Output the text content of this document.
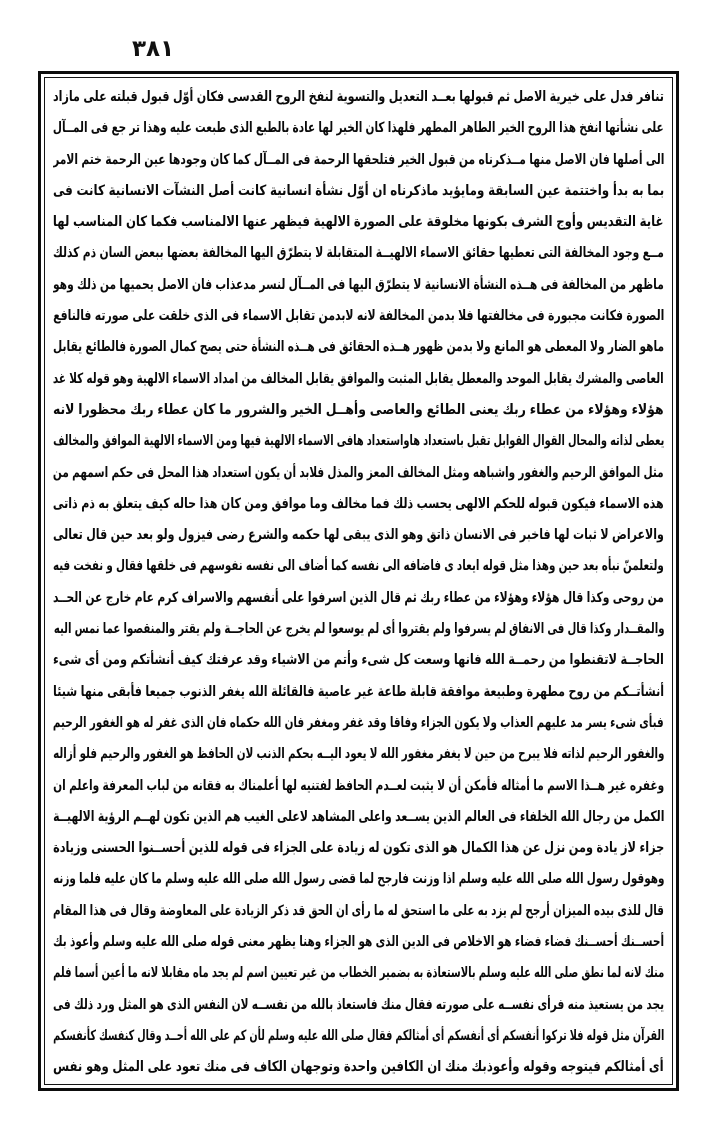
١٨٣
تنافر فدل على خيرية الاصل ثم قبولها بعــد التعديل والتسوية لنفخ الروح القدسى فكان أوّل قبول قبلته على مازاد
على نشأتها انفخ هذا الروح الخير الطاهر المطهر فلهذا كان الخير لها عادة بالطبع الذى طبعت عليه وهذا تر جع فى المــآل
الى أصلها فان الاصل منها مــذكرناه من قبول الخير فتلحقها الرحمة فى المــآل كما كان وجودها عين الرحمة ختم الامر
بما به بدأ واختتمة عين السابقة ومايؤيد ماذكرناه ان أوّل نشأة انسانية كانت أصل النشآت الانسانية كانت فى
غاية التقديس وأوج الشرف بكونها مخلوقة على الصورة الالهية فيظهر عنها الالمناسب فكما كان المناسب لها
مــع وجود المخالفة التى تعطيها حقائق الاسماء الالهيــة المتقابلة لا يتطرّق اليها المخالفة بعضها ببعض السان ذم كذلك
ماظهر من المخالفة فى هــذه النشأة الانسانية لا يتطرّق اليها فى المــآل لنسر مدعذاب فان الاصل يحميها من ذلك وهو
الصورة فكانت مجبورة فى مخالفتها فلا بدمن المخالفة لانه لابدمن تقابل الاسماء فى الذى خلقت على صورته فالنافع
ماهو الضار ولا المعطى هو المانع ولا بدمن ظهور هــذه الحقائق فى هــذه النشأة حتى يصح كمال الصورة فالطائع يقابل
العاصى والمشرك يقابل الموحد والمعطل يقابل المثبت والموافق يقابل المخالف من امداد الاسماء الالهية وهو قوله كلا غد
هؤلاء وهؤلاء من عطاء ربك يعنى الطائع والعاصى وأهــل الخير والشرور ما كان عطاء ربك محظورا لانه
يعطى لذاته والمحال القوال القوابل تقبل باستعداد هاواستعداد هافى الاسماء الالهية فيها ومن الاسماء الالهية الموافق والمخالف
مثل الموافق الرحيم والغفور واشباهه ومثل المخالف المعز والمذل فلابد أن يكون استعداد هذا المحل فى حكم اسمهم من
هذه الاسماء فيكون قبوله للحكم الالهى يحسب ذلك فما مخالف وما موافق ومن كان هذا حاله كيف يتعلق به ذم ذاتى
والاعراض لا ثبات لها فاخبر فى الانسان ذاتق وهو الذى يبقى لها حكمه والشرع رضى فيزول ولو بعد حين قال تعالى
ولتعلمنّ نبأه بعد حين وهذا مثل قوله ايعاد ى فاضافه الى نفسه كما أضاف الى نفسه نفوسهم فى خلقها فقال و نفخت فيه
من روحى وكذا قال هؤلاء وهؤلاء من عطاء ربك ثم قال الذين اسرفوا على أنفسهم والاسراف كرم عام خارج عن الحــد
والمقــدار وكذا قال فى الانفاق لم يسرفوا ولم يقتروا أى لم يوسعوا لم يخرج عن الحاجــة ولم يقتر والمنقصوا عما نمس اليه
الحاجــة لاتقنطوا من رحمــة الله فانها وسعت كل شىء وأتم من الاشياء وقد عرفتك كيف أنشأتكم ومن أى شىء
أنشأتــكم من روح مطهرة وطبيعة موافقة قابلة طاعة غير عاصية فالقائلة الله يغفر الذنوب جميعا فأبقى منها شيئا
فبأى شىء يسر مد عليهم العذاب ولا يكون الجزاء وفاقا وقد غفر ومغفر فان الله حكماه فان الذى غفر له هو الغفور الرحيم
والغفور الرحيم لذاته فلا يبرح من حين لا يغفر مغفور الله لا يعود اليــه بحكم الذنب لان الحافظ هو الغفور والرحيم فلو أزاله
وغفره غير هــذا الاسم ما أمثاله فأمكن أن لا يثبت لعــدم الحافظ لفتنيه لها أعلمناك به فقانه من لباب المعرفة واعلم ان
الكمل من رجال الله الخلفاء فى العالم الذين يســعد واعلى المشاهد لاعلى الغيب هم الذين تكون لهــم الرؤية الالهيــة
جزاء لاز يادة ومن نزل عن هذا الكمال هو الذى تكون له زيادة على الجزاء فى قوله للذين أحســنوا الحسنى وزيادة
وهوقول رسول الله صلى الله عليه وسلم اذا وزنت فارجح لما قضى رسول الله صلى الله عليه وسلم ما كان عليه فلما وزنه
قال للذى بيده الميزان أرجح لم يزد به على ما استحق له ما رأى ان الحق قد ذكر الزيادة على المعاوضة وقال فى هذا المقام
أحســنك أحســنك فضاء فضاء هو الاخلاص فى الدين الذى هو الجزاء وهنا يظهر معنى قوله صلى الله عليه وسلم وأعوذ بك
منك لانه لما نطق صلى الله عليه وسلم بالاستعاذة به بضمير الخطاب من غير تعيين اسم لم يجد ماه مقابلا لانه ما أعين أسما فلم
يجد من يستعيذ منه فرأى نفســه على صورته فقال منك فاستعاذ بالله من نفســه لان النفس الذى هو المثل ورد ذلك فى
القرآن مثل قوله فلا تركوا أنفسكم أى أنفسكم أى أمثالكم فقال صلى الله عليه وسلم لأن كم على الله أحــد وقال كنفسك كأنفسكم
أى أمثالكم فيتوجه وقوله وأعوذبك منك ان الكافين واحدة وتوجهان الكاف فى منك تعود على المثل وهو نفس
